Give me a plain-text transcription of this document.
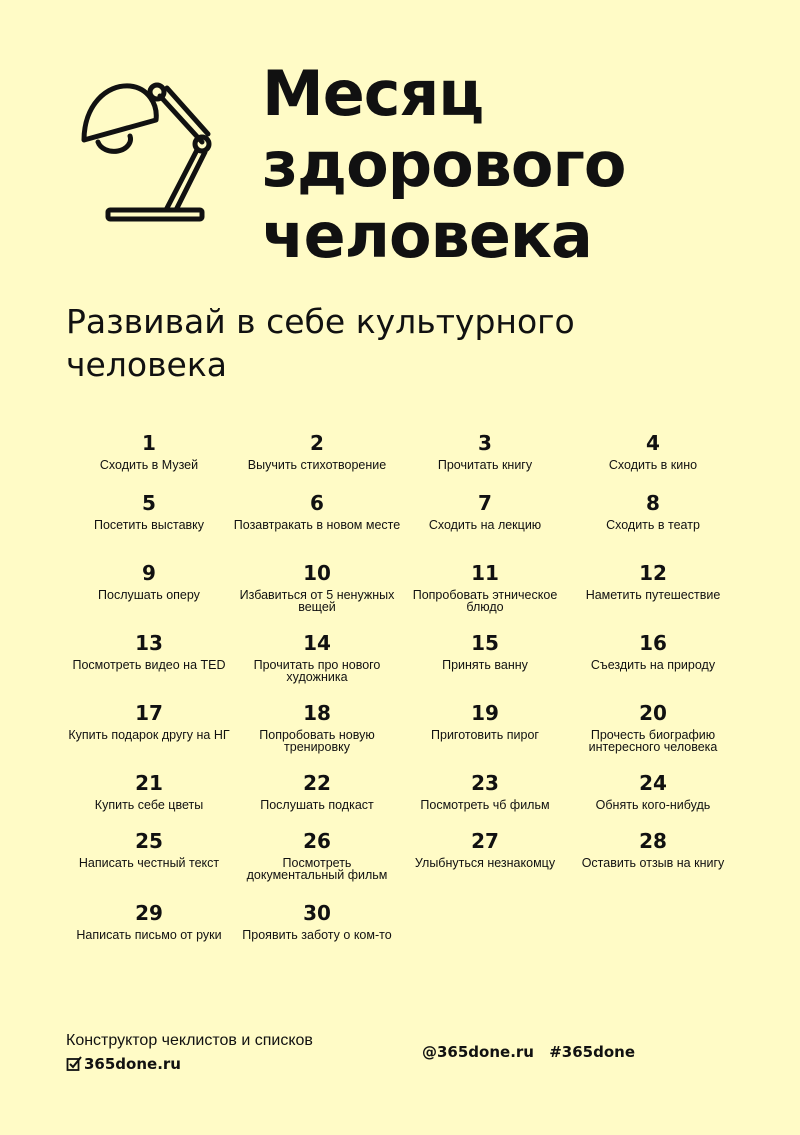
Месяц
здорового
человека
Развивай в себе культурного человека
1
Сходить в Музей
2
Выучить стихотворение
3
Прочитать книгу
4
Сходить в кино
5
Посетить выставку
6
Позавтракать в новом месте
7
Сходить на лекцию
8
Сходить в театр
9
Послушать оперу
10
Избавиться от 5 ненужных вещей
11
Попробовать этническое блюдо
12
Наметить путешествие
13
Посмотреть видео на TED
14
Прочитать про нового художника
15
Принять ванну
16
Съездить на природу
17
Купить подарок другу на НГ
18
Попробовать новую тренировку
19
Приготовить пирог
20
Прочесть биографию интересного человека
21
Купить себе цветы
22
Послушать подкаст
23
Посмотреть чб фильм
24
Обнять кого-нибудь
25
Написать честный текст
26
Посмотреть документальный фильм
27
Улыбнуться незнакомцу
28
Оставить отзыв на книгу
29
Написать письмо от руки
30
Проявить заботу о ком-то
Конструктор чеклистов и списков
365done.ru
@365done.ru #365done
